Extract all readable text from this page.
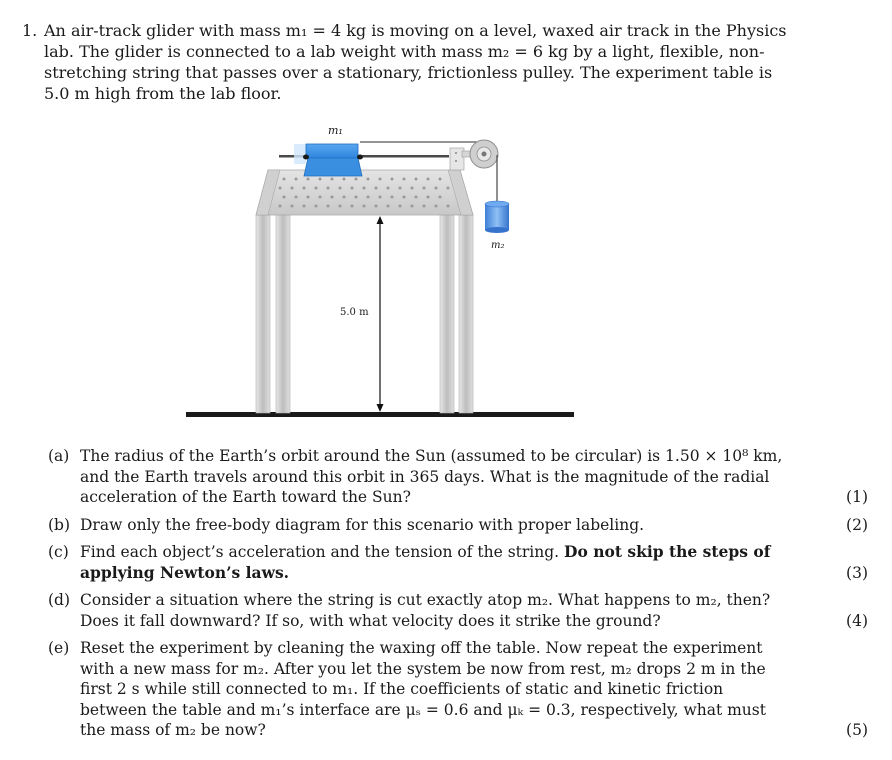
1. An air-track glider with mass m₁ = 4 kg is moving on a level, waxed air track in the Physics lab. The glider is connected to a lab weight with mass m₂ = 6 kg by a light, flexible, non-stretching string that passes over a stationary, frictionless pulley. The experiment table is 5.0 m high from the lab floor.
m₁
m₂
5.0 m
(a) The radius of the Earth’s orbit around the Sun (assumed to be circular) is 1.50 × 10⁸ km, and the Earth travels around this orbit in 365 days. What is the magnitude of the radial acceleration of the Earth toward the Sun?	(1)
(b) Draw only the free-body diagram for this scenario with proper labeling.	(2)
(c) Find each object’s acceleration and the tension of the string. Do not skip the steps of applying Newton’s laws.	(3)
(d) Consider a situation where the string is cut exactly atop m₂. What happens to m₂, then? Does it fall downward? If so, with what velocity does it strike the ground?	(4)
(e) Reset the experiment by cleaning the waxing off the table. Now repeat the experiment with a new mass for m₂. After you let the system be now from rest, m₂ drops 2 m in the first 2 s while still connected to m₁. If the coefficients of static and kinetic friction between the table and m₁’s interface are μₛ = 0.6 and μₖ = 0.3, respectively, what must the mass of m₂ be now?	(5)
